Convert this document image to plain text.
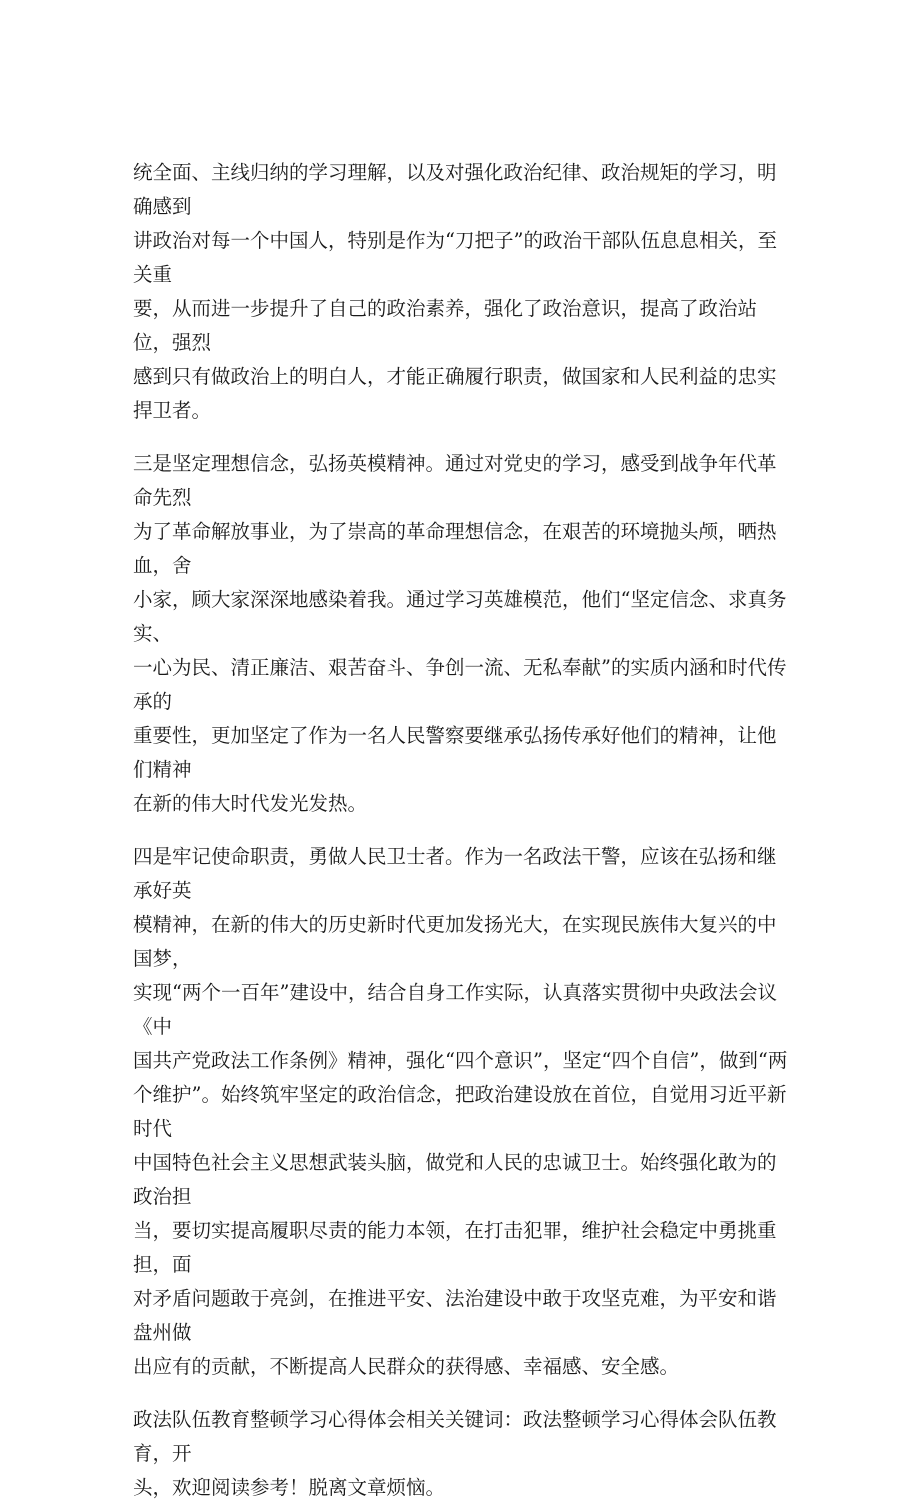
统全面、主线归纳的学习理解，以及对强化政治纪律、政治规矩的学习，明确感到
讲政治对每一个中国人，特别是作为“刀把子”的政治干部队伍息息相关，至关重
要，从而进一步提升了自己的政治素养，强化了政治意识，提高了政治站位，强烈
感到只有做政治上的明白人，才能正确履行职责，做国家和人民利益的忠实捍卫者。

三是坚定理想信念，弘扬英模精神。通过对党史的学习，感受到战争年代革命先烈
为了革命解放事业，为了崇高的革命理想信念，在艰苦的环境抛头颅，晒热血，舍
小家，顾大家深深地感染着我。通过学习英雄模范，他们“坚定信念、求真务实、
一心为民、清正廉洁、艰苦奋斗、争创一流、无私奉献”的实质内涵和时代传承的
重要性，更加坚定了作为一名人民警察要继承弘扬传承好他们的精神，让他们精神
在新的伟大时代发光发热。

四是牢记使命职责，勇做人民卫士者。作为一名政法干警，应该在弘扬和继承好英
模精神，在新的伟大的历史新时代更加发扬光大，在实现民族伟大复兴的中国梦，
实现“两个一百年”建设中，结合自身工作实际，认真落实贯彻中央政法会议《中
国共产党政法工作条例》精神，强化“四个意识”，坚定“四个自信”，做到“两
个维护”。始终筑牢坚定的政治信念，把政治建设放在首位，自觉用习近平新时代
中国特色社会主义思想武装头脑，做党和人民的忠诚卫士。始终强化敢为的政治担
当，要切实提高履职尽责的能力本领，在打击犯罪，维护社会稳定中勇挑重担，面
对矛盾问题敢于亮剑，在推进平安、法治建设中敢于攻坚克难，为平安和谐盘州做
出应有的贡献，不断提高人民群众的获得感、幸福感、安全感。

政法队伍教育整顿学习心得体会相关关键词：政法整顿学习心得体会队伍教育，开
头，欢迎阅读参考！脱离文章烦恼。
